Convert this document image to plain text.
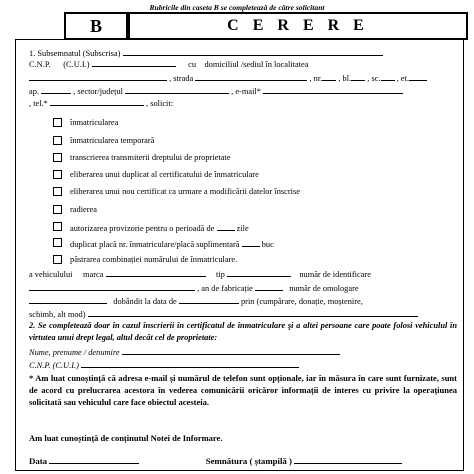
Rubricile din caseta B se completează de către solicitant
B	C E R E R E
1. Subsemnatul (Subscrisa)
C.N.P. (C.U.I.)	cu domiciliul /sediul în localitatea
, strada	, nr. , bl. , sc. , et.
ap.	, sector/județul	, e-mail*
, tel.*	, solicit:
înmatricularea
înmatricularea temporară
transcrierea transmiterii dreptului de proprietate
eliberarea unui duplicat al certificatului de înmatriculare
eliberarea unui nou certificat ca urmare a modificării datelor înscrise
radierea
autorizarea provizorie pentru o perioadă de	zile
duplicat placă nr. înmatriculare/placă suplimentară	buc
păstrarea combinației numărului de înmatriculare.
a vehiculului marca	tip	număr de identificare
, an de fabricație	număr de omologare
dobândit la data de	prin (cumpărare, donație, moștenire,
schimb, alt mod)
2. Se completează doar în cazul înscrierii în certificatul de înmatriculare şi a altei persoane care poate folosi vehiculul în virtutea unui drept legal, altul decât cel de proprietate:
Nume, prenume / denumire
C.N.P. (C.U.I.)
* Am luat cunoștință că adresa e-mail și numărul de telefon sunt opționale, iar în măsura în care sunt furnizate, sunt de acord cu prelucrarea acestora în vederea comunicării oricăror informații de interes cu privire la operațiunea solicitată sau vehiculul care face obiectul acesteia.
Am luat cunoștință de conținutul Notei de Informare.
Data	Semnătura ( ștampilă )
